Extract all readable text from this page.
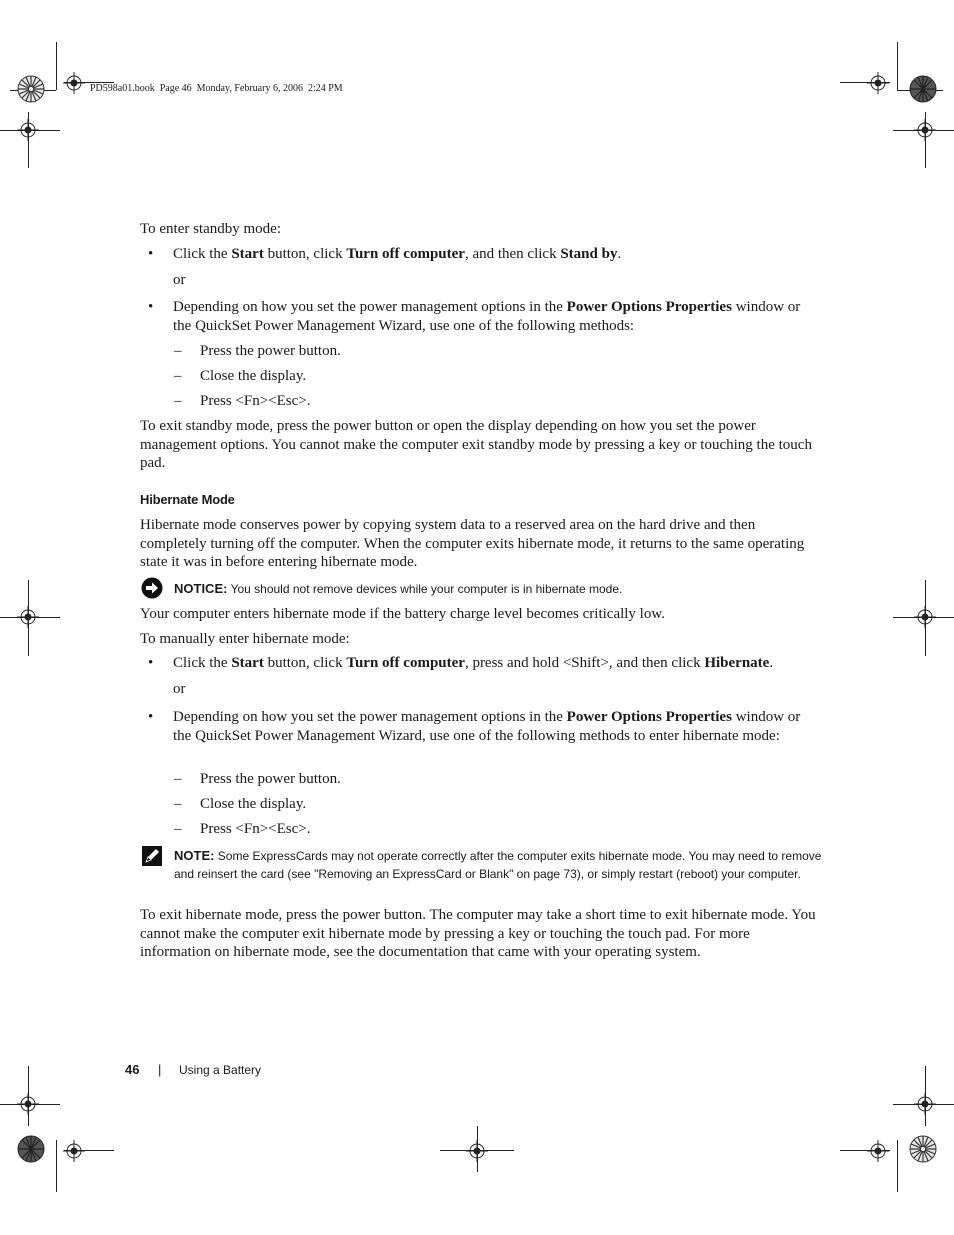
PD598a01.book  Page 46  Monday, February 6, 2006  2:24 PM
To enter standby mode:
• Click the Start button, click Turn off computer, and then click Stand by.
or
• Depending on how you set the power management options in the Power Options Properties window or the QuickSet Power Management Wizard, use one of the following methods:
– Press the power button.
– Close the display.
– Press <Fn><Esc>.
To exit standby mode, press the power button or open the display depending on how you set the power management options. You cannot make the computer exit standby mode by pressing a key or touching the touch pad.
Hibernate Mode
Hibernate mode conserves power by copying system data to a reserved area on the hard drive and then completely turning off the computer. When the computer exits hibernate mode, it returns to the same operating state it was in before entering hibernate mode.
NOTICE: You should not remove devices while your computer is in hibernate mode.
Your computer enters hibernate mode if the battery charge level becomes critically low.
To manually enter hibernate mode:
• Click the Start button, click Turn off computer, press and hold <Shift>, and then click Hibernate.
or
• Depending on how you set the power management options in the Power Options Properties window or the QuickSet Power Management Wizard, use one of the following methods to enter hibernate mode:
– Press the power button.
– Close the display.
– Press <Fn><Esc>.
NOTE: Some ExpressCards may not operate correctly after the computer exits hibernate mode. You may need to remove and reinsert the card (see "Removing an ExpressCard or Blank" on page 73), or simply restart (reboot) your computer.
To exit hibernate mode, press the power button. The computer may take a short time to exit hibernate mode. You cannot make the computer exit hibernate mode by pressing a key or touching the touch pad. For more information on hibernate mode, see the documentation that came with your operating system.
46 | Using a Battery
